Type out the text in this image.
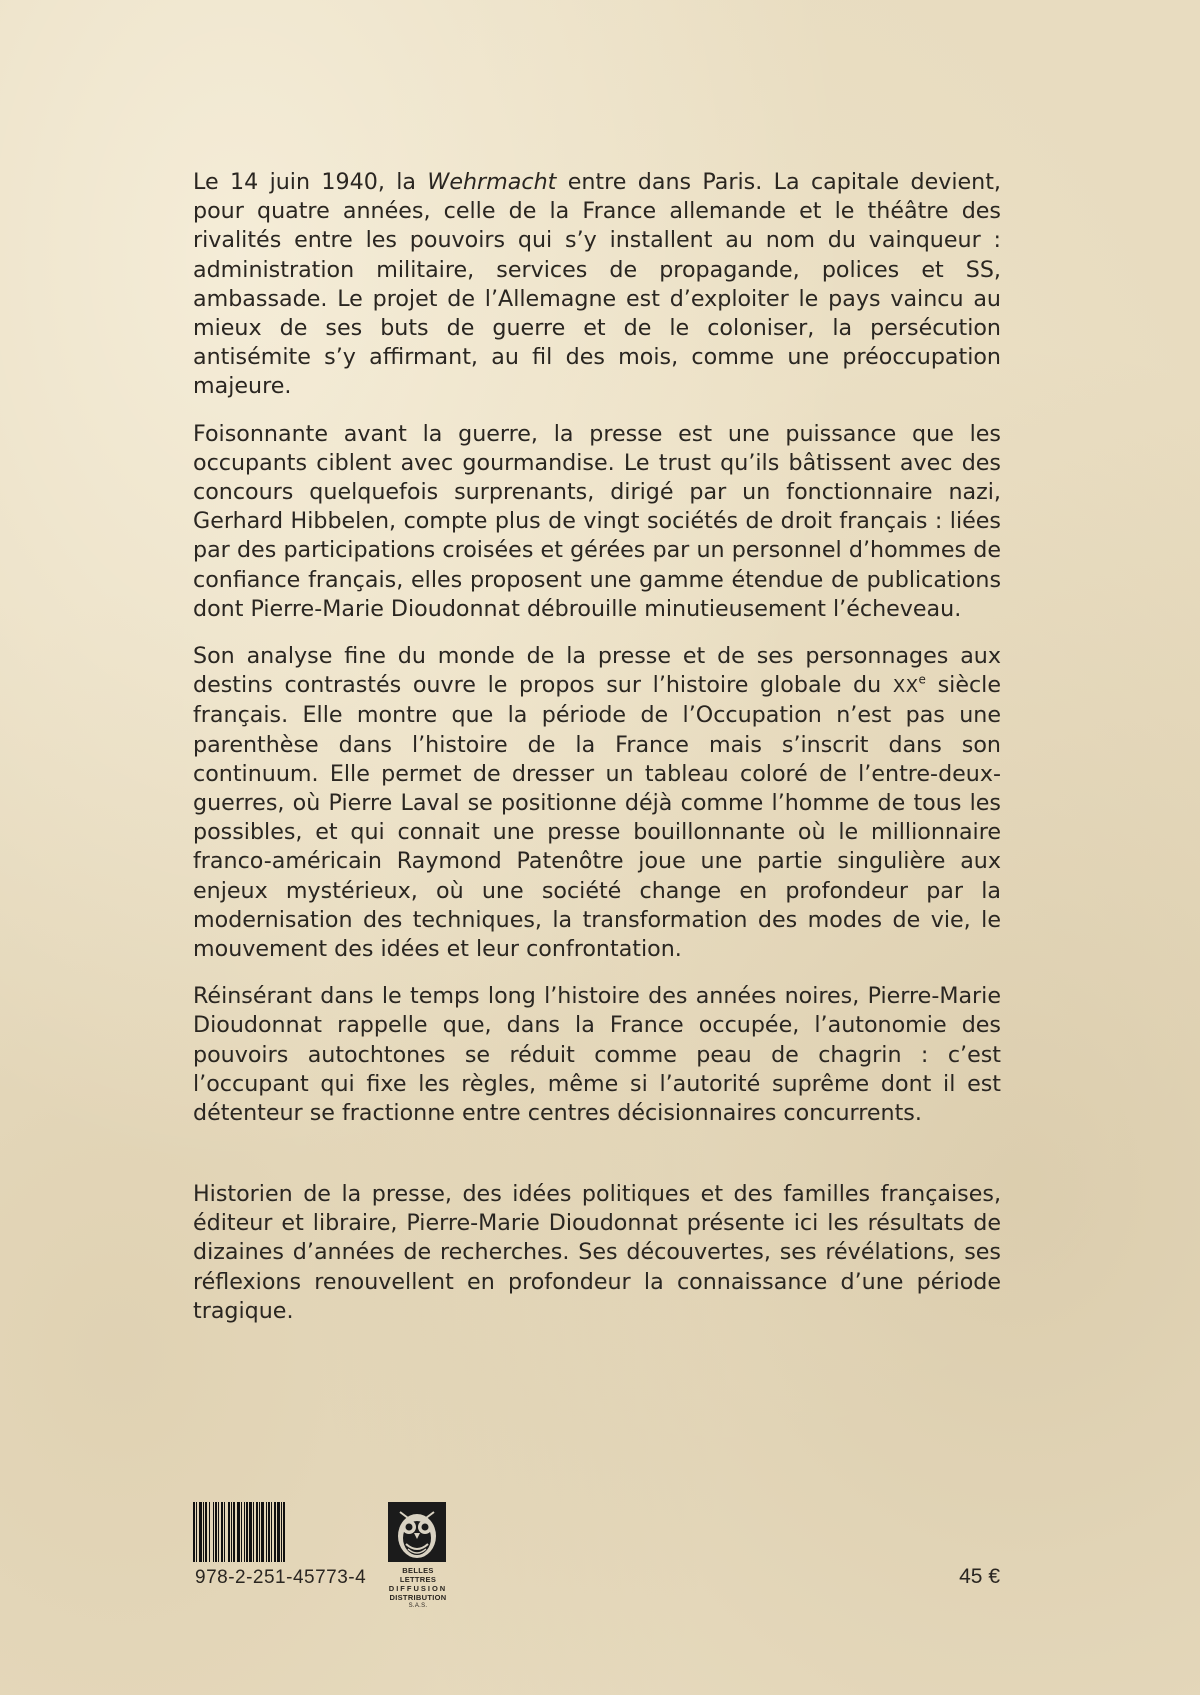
Le 14 juin 1940, la Wehrmacht entre dans Paris. La capitale devient, pour quatre années, celle de la France allemande et le théâtre des rivalités entre les pouvoirs qui s’y installent au nom du vainqueur : administration militaire, services de propagande, polices et SS, ambassade. Le projet de l’Allemagne est d’exploiter le pays vaincu au mieux de ses buts de guerre et de le coloniser, la persécution antisémite s’y affirmant, au fil des mois, comme une préoccupation majeure.

Foisonnante avant la guerre, la presse est une puissance que les occupants ciblent avec gourmandise. Le trust qu’ils bâtissent avec des concours quelquefois surprenants, dirigé par un fonctionnaire nazi, Gerhard Hibbelen, compte plus de vingt sociétés de droit français : liées par des participations croisées et gérées par un personnel d’hommes de confiance français, elles proposent une gamme étendue de publications dont Pierre-Marie Dioudonnat débrouille minutieusement l’écheveau.

Son analyse fine du monde de la presse et de ses personnages aux destins contrastés ouvre le propos sur l’histoire globale du XXe siècle français. Elle montre que la période de l’Occupation n’est pas une parenthèse dans l’histoire de la France mais s’inscrit dans son continuum. Elle permet de dresser un tableau coloré de l’entre-deux-guerres, où Pierre Laval se positionne déjà comme l’homme de tous les possibles, et qui connait une presse bouillonnante où le millionnaire franco-américain Raymond Patenôtre joue une partie singulière aux enjeux mystérieux, où une société change en profondeur par la modernisation des techniques, la transformation des modes de vie, le mouvement des idées et leur confrontation.

Réinsérant dans le temps long l’histoire des années noires, Pierre-Marie Dioudonnat rappelle que, dans la France occupée, l’autonomie des pouvoirs autochtones se réduit comme peau de chagrin : c’est l’occupant qui fixe les règles, même si l’autorité suprême dont il est détenteur se fractionne entre centres décisionnaires concurrents.

Historien de la presse, des idées politiques et des familles françaises, éditeur et libraire, Pierre-Marie Dioudonnat présente ici les résultats de dizaines d’années de recherches. Ses découvertes, ses révélations, ses réflexions renouvellent en profondeur la connaissance d’une période tragique.

978-2-251-45773-4	BELLES LETTRES
DIFFUSION
DISTRIBUTION
S.A.S.
45 €
